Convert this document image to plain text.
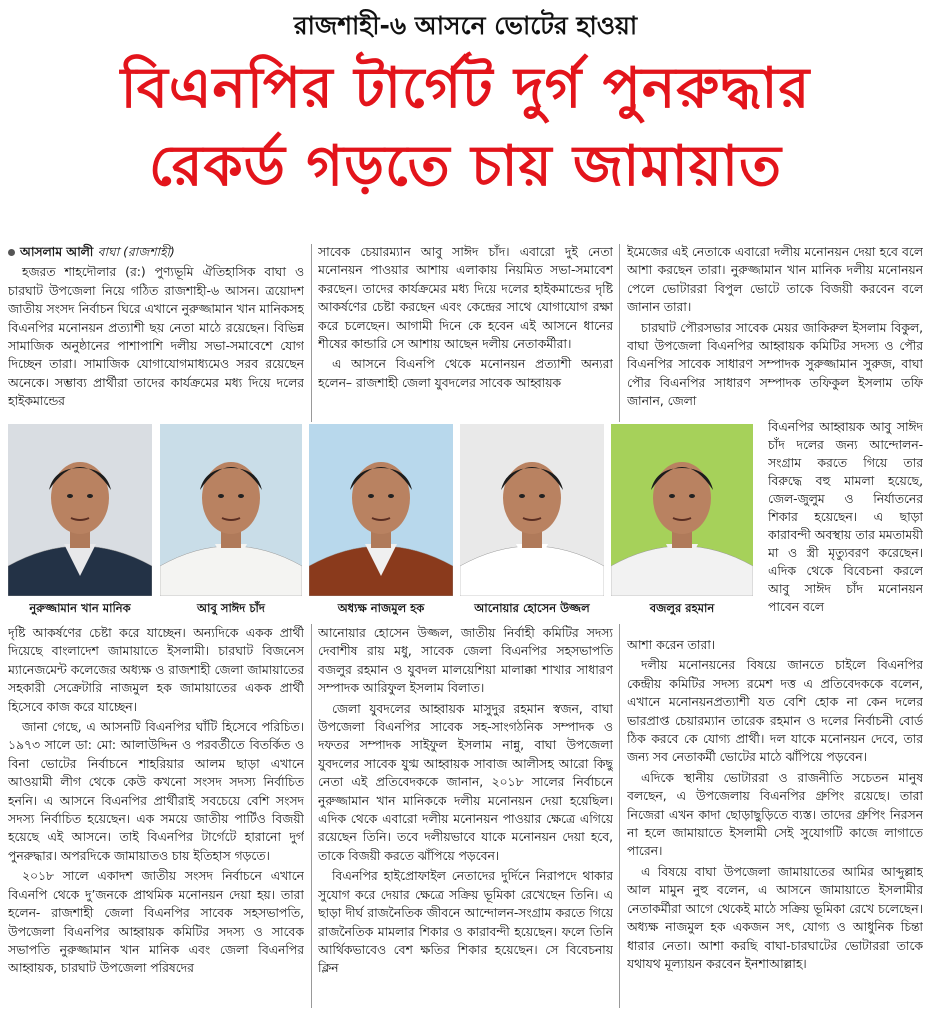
রাজশাহী-৬ আসনে ভোটের হাওয়া
বিএনপির টার্গেট দুর্গ পুনরুদ্ধার
রেকর্ড গড়তে চায় জামায়াত

আসলাম আলী বাঘা (রাজশাহী)

হজরত শাহদৌলার (র:) পুণ্যভূমি ঐতিহাসিক বাঘা ও চারঘাট উপজেলা নিয়ে গঠিত রাজশাহী-৬ আসন। ত্রয়োদশ জাতীয় সংসদ নির্বাচন ঘিরে এখানে নুরুজ্জামান খান মানিকসহ বিএনপির মনোনয়ন প্রত্যাশী ছয় নেতা মাঠে রয়েছেন। বিভিন্ন সামাজিক অনুষ্ঠানের পাশাপাশি দলীয় সভা-সমাবেশে যোগ দিচ্ছেন তারা। সামাজিক যোগাযোগমাধ্যমেও সরব রয়েছেন অনেকে। সম্ভাব্য প্রার্থীরা তাদের কার্যক্রমের মধ্য দিয়ে দলের হাইকমান্ডের

সাবেক চেয়ারম্যান আবু সাঈদ চাঁদ। এবারো দুই নেতা মনোনয়ন পাওয়ার আশায় এলাকায় নিয়মিত সভা-সমাবেশ করছেন। তাদের কার্যক্রমের মধ্য দিয়ে দলের হাইকমান্ডের দৃষ্টি আকর্ষণের চেষ্টা করছেন এবং কেন্দ্রের সাথে যোগাযোগ রক্ষা করে চলেছেন। আগামী দিনে কে হবেন এই আসনে ধানের শীষের কান্ডারি সে আশায় আছেন দলীয় নেতাকর্মীরা।

এ আসনে বিএনপি থেকে মনোনয়ন প্রত্যাশী অন্যরা হলেন– রাজশাহী জেলা যুবদলের সাবেক আহ্বায়ক

ইমেজের এই নেতাকে এবারো দলীয় মনোনয়ন দেয়া হবে বলে আশা করছেন তারা। নুরুজ্জামান খান মানিক দলীয় মনোনয়ন পেলে ভোটাররা বিপুল ভোটে তাকে বিজয়ী করবেন বলে জানান তারা।

চারঘাট পৌরসভার সাবেক মেয়র জাকিরুল ইসলাম বিকুল, বাঘা উপজেলা বিএনপির আহ্বায়ক কমিটির সদস্য ও পৌর বিএনপির সাবেক সাধারণ সম্পাদক সুরুজ্জামান সুরুজ, বাঘা পৌর বিএনপির সাধারণ সম্পাদক তফিকুল ইসলাম তফি জানান, জেলা

নুরুজ্জামান খান মানিক	আবু সাঈদ চাঁদ	অধ্যক্ষ নাজমুল হক	আনোয়ার হোসেন উজ্জল	বজলুর রহমান

বিএনপির আহ্বায়ক আবু সাঈদ চাঁদ দলের জন্য আন্দোলন-সংগ্রাম করতে গিয়ে তার বিরুদ্ধে বহু মামলা হয়েছে, জেল-জুলুম ও নির্যাতনের শিকার হয়েছেন। এ ছাড়া কারাবন্দী অবস্থায় তার মমতাময়ী মা ও স্ত্রী মৃত্যুবরণ করেছেন। এদিক থেকে বিবেচনা করলে আবু সাঈদ চাঁদ মনোনয়ন পাবেন বলে

দৃষ্টি আকর্ষণের চেষ্টা করে যাচ্ছেন। অন্যদিকে একক প্রার্থী দিয়েছে বাংলাদেশ জামায়াতে ইসলামী। চারঘাট বিজনেস ম্যানেজমেন্ট কলেজের অধ্যক্ষ ও রাজশাহী জেলা জামায়াতের সহকারী সেক্রেটারি নাজমুল হক জামায়াতের একক প্রার্থী হিসেবে কাজ করে যাচ্ছেন।

জানা গেছে, এ আসনটি বিএনপির ঘাঁটি হিসেবে পরিচিত। ১৯৭৩ সালে ডা: মো: আলাউদ্দিন ও পরবর্তীতে বিতর্কিত ও বিনা ভোটের নির্বাচনে শাহরিয়ার আলম ছাড়া এখানে আওয়ামী লীগ থেকে কেউ কখনো সংসদ সদস্য নির্বাচিত হননি। এ আসনে বিএনপির প্রার্থীরাই সবচেয়ে বেশি সংসদ সদস্য নির্বাচিত হয়েছেন। এক সময়ে জাতীয় পার্টিও বিজয়ী হয়েছে এই আসনে। তাই বিএনপির টার্গেটে হারানো দুর্গ পুনরুদ্ধার। অপরদিকে জামায়াতও চায় ইতিহাস গড়তে।

২০১৮ সালে একাদশ জাতীয় সংসদ নির্বাচনে এখানে বিএনপি থেকে দু’জনকে প্রাথমিক মনোনয়ন দেয়া হয়। তারা হলেন- রাজশাহী জেলা বিএনপির সাবেক সহসভাপতি, উপজেলা বিএনপির আহ্বায়ক কমিটির সদস্য ও সাবেক সভাপতি নুরুজ্জামান খান মানিক এবং জেলা বিএনপির আহ্বায়ক, চারঘাট উপজেলা পরিষদের

আনোয়ার হোসেন উজ্জল, জাতীয় নির্বাহী কমিটির সদস্য দেবাশীষ রায় মধু, সাবেক জেলা বিএনপির সহসভাপতি বজলুর রহমান ও যুবদল মালয়েশিয়া মালাক্কা শাখার সাধারণ সম্পাদক আরিফুল ইসলাম বিলাত।

জেলা যুবদলের আহ্বায়ক মাসুদুর রহমান স্বজন, বাঘা উপজেলা বিএনপির সাবেক সহ-সাংগঠনিক সম্পাদক ও দফতর সম্পাদক সাইফুল ইসলাম নান্নু, বাঘা উপজেলা যুবদলের সাবেক যুগ্ম আহ্বায়ক সাবাজ আলীসহ আরো কিছু নেতা এই প্রতিবেদককে জানান, ২০১৮ সালের নির্বাচনে নুরুজ্জামান খান মানিককে দলীয় মনোনয়ন দেয়া হয়েছিল। এদিক থেকে এবারো দলীয় মনোনয়ন পাওয়ার ক্ষেত্রে এগিয়ে রয়েছেন তিনি। তবে দলীয়ভাবে যাকে মনোনয়ন দেয়া হবে, তাকে বিজয়ী করতে ঝাঁপিয়ে পড়বেন।

বিএনপির হাইপ্রোফাইল নেতাদের দুর্দিনে নিরাপদে থাকার সুযোগ করে দেয়ার ক্ষেত্রে সক্রিয় ভূমিকা রেখেছেন তিনি। এ ছাড়া দীর্ঘ রাজনৈতিক জীবনে আন্দোলন-সংগ্রাম করতে গিয়ে রাজনৈতিক মামলার শিকার ও কারাবন্দী হয়েছেন। ফলে তিনি আর্থিকভাবেও বেশ ক্ষতির শিকার হয়েছেন। সে বিবেচনায় ক্লিন

আশা করেন তারা।

দলীয় মনোনয়নের বিষয়ে জানতে চাইলে বিএনপির কেন্দ্রীয় কমিটির সদস্য রমেশ দত্ত এ প্রতিবেদককে বলেন, এখানে মনোনয়নপ্রত্যাশী যত বেশি হোক না কেন দলের ভারপ্রাপ্ত চেয়ারম্যান তারেক রহমান ও দলের নির্বাচনী বোর্ড ঠিক করবে কে যোগ্য প্রার্থী। দল যাকে মনোনয়ন দেবে, তার জন্য সব নেতাকর্মী ভোটের মাঠে ঝাঁপিয়ে পড়বেন।

এদিকে স্থানীয় ভোটাররা ও রাজনীতি সচেতন মানুষ বলছেন, এ উপজেলায় বিএনপির গ্রুপিং রয়েছে। তারা নিজেরা এখন কাদা ছোড়াছুড়িতে ব্যস্ত। তাদের গ্রুপিং নিরসন না হলে জামায়াতে ইসলামী সেই সুযোগটি কাজে লাগাতে পারেন।

এ বিষয়ে বাঘা উপজেলা জামায়াতের আমির আব্দুল্লাহ আল মামুন নুহু বলেন, এ আসনে জামায়াতে ইসলামীর নেতাকর্মীরা আগে থেকেই মাঠে সক্রিয় ভূমিকা রেখে চলেছেন। অধ্যক্ষ নাজমুল হক একজন সৎ, যোগ্য ও আধুনিক চিন্তা ধারার নেতা। আশা করছি বাঘা-চারঘাটের ভোটাররা তাকে যথাযথ মূল্যায়ন করবেন ইনশাআল্লাহ।
